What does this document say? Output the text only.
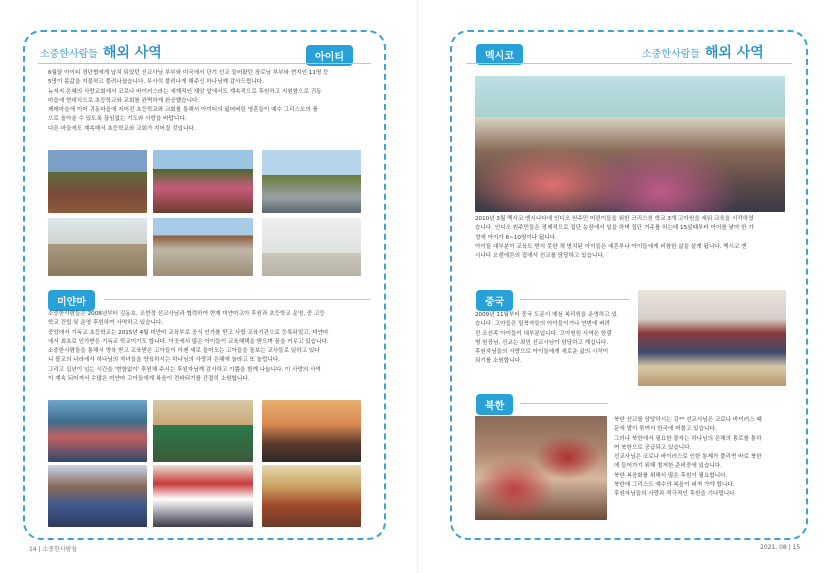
소중한사람들 해외 사역	아이티

6월달 아이티 경단협에게 납치 되었던 선교사님 부부와 미국에서 단기 선교 들어왔던 장로님 부부와 현지인 11명 등

5명이 몸값을 지불하고 풀려나셨습니다. 무사히 풀려나게 해주신 하나님께 감사드립니다.

뉴저지 은혜의 사랑교회에서 코로나 바이러스라는 세계적인 재앙 앞에서도 계속적으로 후원하고 지원함으로 귀동

마을에 현대식으로 초등학교와 교회를 완벽하게 완공했습니다.

제레마을에 이어 귀동마을에 지어진 초등학교와 교회를 통해서 아이티의 잃어버린 영혼들이 예수 그리스도의 품

으로 돌아올 수 있도록 끊임없는 기도와 사랑을 바랍니다.

다른 마을에도 계속해서 초등학교와 교회가 지어질 것입니다.

미얀마

소중한사람들은 2008년부터 김동호, 조현정 선교사님과 협력하여 현재 미얀마고아 후원과 초등학교 운영, 중 고등

학교 건립 및 운영 후원하여 사역하고 있습니다.

중앙에서 기독교 초등학교는 2015년 4월 미얀마 교육부로 공식 인가를 받고 사립 교육기관으로 등록되었고, 미얀마

에서 최초로 인가받은 기독교 학교이기도 합니다. 이곳에서 많은 아이들이 교육혜택을 받으며 꿈을 키우고 있습니다.

소중한사람들을 통해서 영육 받고 교육받은 고아들이 이젠 세로 들어오는 고아들을 돌보는 교사들로 일하고 있다

니 볼교의 나라에서 하나님의 자녀들을 양육하시는 하나님의 사랑과 은혜에 놀라고 또 놀랍니다.

그리고 십년이 넘는 시간을 '변함없이' 후원해 주시는 후원자님께 감사하고 기쁨을 함께 나눕니다. 이 사랑의 사역

이 계속 되어져서 수많은 미얀마 고아들에게 복음이 전파되기를 간절히 소원합니다.

14 | 소중한사람들
멕시코	소중한사람들 해외 사역

2010년 3월 멕시코 엔시나다에 인디오 원주민 어린이들을 위한 크리스천 학교 3개 고아원을 세워 교육을 시작하였

습니다. 인디오 원주민들은 경제적으로 집단 농장에서 일을 하며 집단 거주를 하는데 15살때부터 아이를 낳아 한 가

정에 아이가 6~10명이나 됩니다.

아이들 대부분이 교육도 받지 못한 채 방치된 아이들은 예흔부나 아이들에게 비참한 삶을 살게 됩니다. 멕시코 엔

시나다 오렌에튼의 집에서 선교를 담당하고 있습니다.

중국

2009년 11월부터 중국 도문시 예심 복리원을 운영하고 있

습니다. 고아들은 밀북자들의 아이들이거나 연변에 버려

진 조선족 아이들이 대부분입니다. 고아원원 사역은 한림

병 원장님, 선교는 최민 선교사님이 담당하고 계십니다.

후원자님들의 사랑으로 아이들에게 새로운 삶의 시작이

되기를 소원합니다.

북한

북한 선교를 담당하시는 김** 선교사님은 코로나 바이러스 때

문에 발이 묶여서 한국에 머물고 있습니다.

그러나 북한에서 필요한 물자는 하나님의 은혜의 통로를 통하

여 북한으로 공급되고 있습니다.

선교사님은 코로나 바이러스로 인한 통제가 풀리면 바로 북한

에 들어가기 위해 철저한 준비중에 있습니다.

북한 복음화를 위해서 많은 후원이 필요합니다.

북한에 그리스도 예수의 복음이 퍼져 가야 합니다.

후원자님들의 사랑과 적극적인 후원을 기다립니다

2021. 08 | 15
